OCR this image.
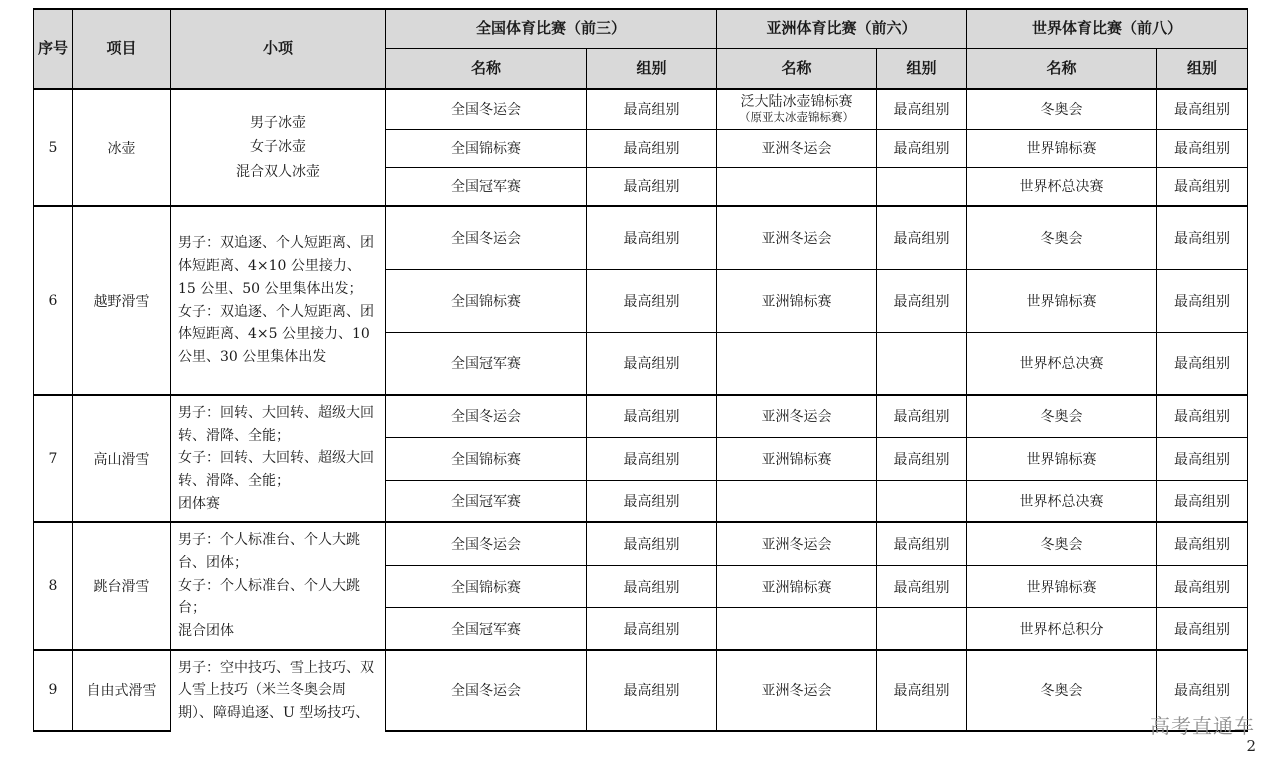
序号	项目	小项	全国体育比赛（前三）		亚洲体育比赛（前六）		世界体育比赛（前八）	
			名称	组别	名称	组别	名称	组别
5	冰壶	男子冰壶
女子冰壶
混合双人冰壶	全国冬运会	最高组别	泛大陆冰壶锦标赛
（原亚太冰壶锦标赛）	最高组别	冬奥会	最高组别
			全国锦标赛	最高组别	亚洲冬运会	最高组别	世界锦标赛	最高组别
			全国冠军赛	最高组别			世界杯总决赛	最高组别
6	越野滑雪	男子：双追逐、个人短距离、团体短距离、4×10 公里接力、15 公里、50 公里集体出发；
女子：双追逐、个人短距离、团体短距离、4×5 公里接力、10 公里、30 公里集体出发	全国冬运会	最高组别	亚洲冬运会	最高组别	冬奥会	最高组别
			全国锦标赛	最高组别	亚洲锦标赛	最高组别	世界锦标赛	最高组别
			全国冠军赛	最高组别			世界杯总决赛	最高组别
7	高山滑雪	男子：回转、大回转、超级大回转、滑降、全能；
女子：回转、大回转、超级大回转、滑降、全能；
团体赛	全国冬运会	最高组别	亚洲冬运会	最高组别	冬奥会	最高组别
			全国锦标赛	最高组别	亚洲锦标赛	最高组别	世界锦标赛	最高组别
			全国冠军赛	最高组别			世界杯总决赛	最高组别
8	跳台滑雪	男子：个人标准台、个人大跳台、团体；
女子：个人标准台、个人大跳台；
混合团体	全国冬运会	最高组别	亚洲冬运会	最高组别	冬奥会	最高组别
			全国锦标赛	最高组别	亚洲锦标赛	最高组别	世界锦标赛	最高组别
			全国冠军赛	最高组别			世界杯总积分	最高组别
9	自由式滑雪	男子：空中技巧、雪上技巧、双人雪上技巧（米兰冬奥会周期）、障碍追逐、U 型场技巧、	全国冬运会	最高组别	亚洲冬运会	最高组别	冬奥会	最高组别
高考直通车
2
